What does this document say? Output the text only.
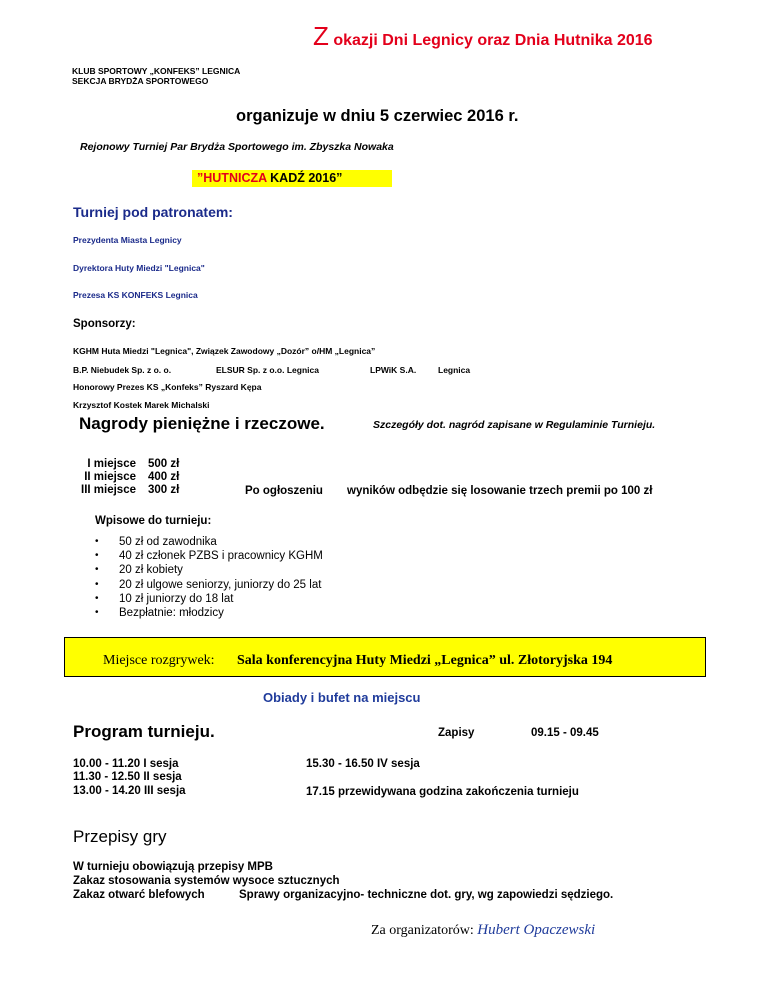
Z okazji Dni Legnicy oraz Dnia Hutnika 2016
KLUB SPORTOWY „KONFEKS” LEGNICA
SEKCJA BRYDŻA SPORTOWEGO
organizuje w dniu 5 czerwiec 2016 r.
Rejonowy Turniej Par Brydża Sportowego im. Zbyszka Nowaka
”HUTNICZA KADŹ 2016”
Turniej pod patronatem:
Prezydenta Miasta Legnicy
Dyrektora Huty Miedzi "Legnica"
Prezesa KS KONFEKS Legnica
Sponsorzy:
KGHM Huta Miedzi "Legnica", Związek Zawodowy „Dozór” o/HM „Legnica”
B.P. Niebudek Sp. z o. o.	ELSUR Sp. z o.o. Legnica	LPWiK S.A.	Legnica
Honorowy Prezes KS „Konfeks” Ryszard Kępa
Krzysztof Kostek Marek Michalski
Nagrody pieniężne i rzeczowe.	Szczegóły dot. nagród zapisane w Regulaminie Turnieju.
I miejsce 500 zł
II miejsce 400 zł
III miejsce 300 zł	Po ogłoszeniu wyników odbędzie się losowanie trzech premii po 100 zł
Wpisowe do turnieju:
• 50 zł od zawodnika
• 40 zł członek PZBS i pracownicy KGHM
• 20 zł kobiety
• 20 zł ulgowe seniorzy, juniorzy do 25 lat
• 10 zł juniorzy do 18 lat
• Bezpłatnie: młodzicy
Miejsce rozgrywek: Sala konferencyjna Huty Miedzi „Legnica” ul. Złotoryjska 194
Obiady i bufet na miejscu
Program turnieju.	Zapisy	09.15 - 09.45
10.00 - 11.20 I sesja
11.30 - 12.50 II sesja
13.00 - 14.20 III sesja
15.30 - 16.50 IV sesja
17.15 przewidywana godzina zakończenia turnieju
Przepisy gry
W turnieju obowiązują przepisy MPB
Zakaz stosowania systemów wysoce sztucznych
Zakaz otwarć blefowych	Sprawy organizacyjno- techniczne dot. gry, wg zapowiedzi sędziego.
Za organizatorów: Hubert Opaczewski
